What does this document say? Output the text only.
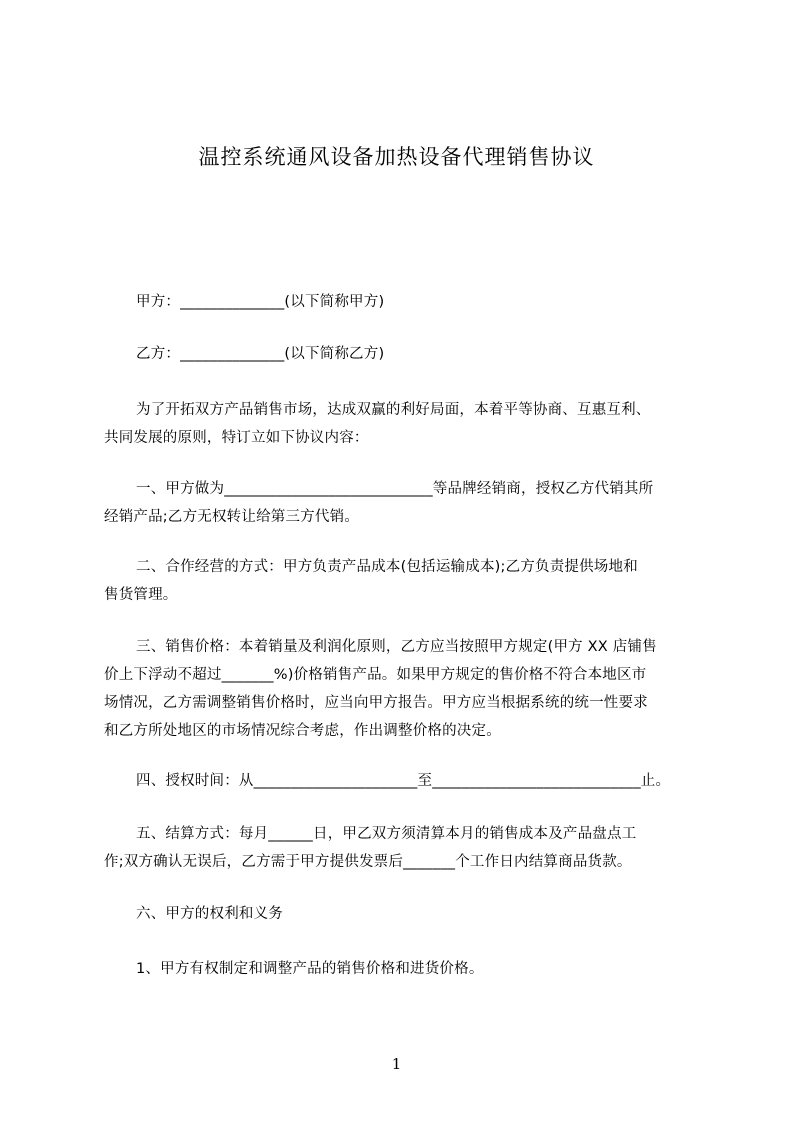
温控系统通风设备加热设备代理销售协议
甲方：______________(以下简称甲方)
乙方：______________(以下简称乙方)
为了开拓双方产品销售市场，达成双赢的利好局面，本着平等协商、互惠互利、
共同发展的原则，特订立如下协议内容：
一、甲方做为____________________________等品牌经销商，授权乙方代销其所
经销产品;乙方无权转让给第三方代销。
二、合作经营的方式：甲方负责产品成本(包括运输成本);乙方负责提供场地和
售货管理。
三、销售价格：本着销量及利润化原则，乙方应当按照甲方规定(甲方 XX 店铺售
价上下浮动不超过_______%)价格销售产品。如果甲方规定的售价格不符合本地区市
场情况，乙方需调整销售价格时，应当向甲方报告。甲方应当根据系统的统一性要求
和乙方所处地区的市场情况综合考虑，作出调整价格的决定。
四、授权时间：从______________________至____________________________止。
五、结算方式：每月______日，甲乙双方须清算本月的销售成本及产品盘点工
作;双方确认无误后，乙方需于甲方提供发票后_______个工作日内结算商品货款。
六、甲方的权利和义务
1、甲方有权制定和调整产品的销售价格和进货价格。
1
